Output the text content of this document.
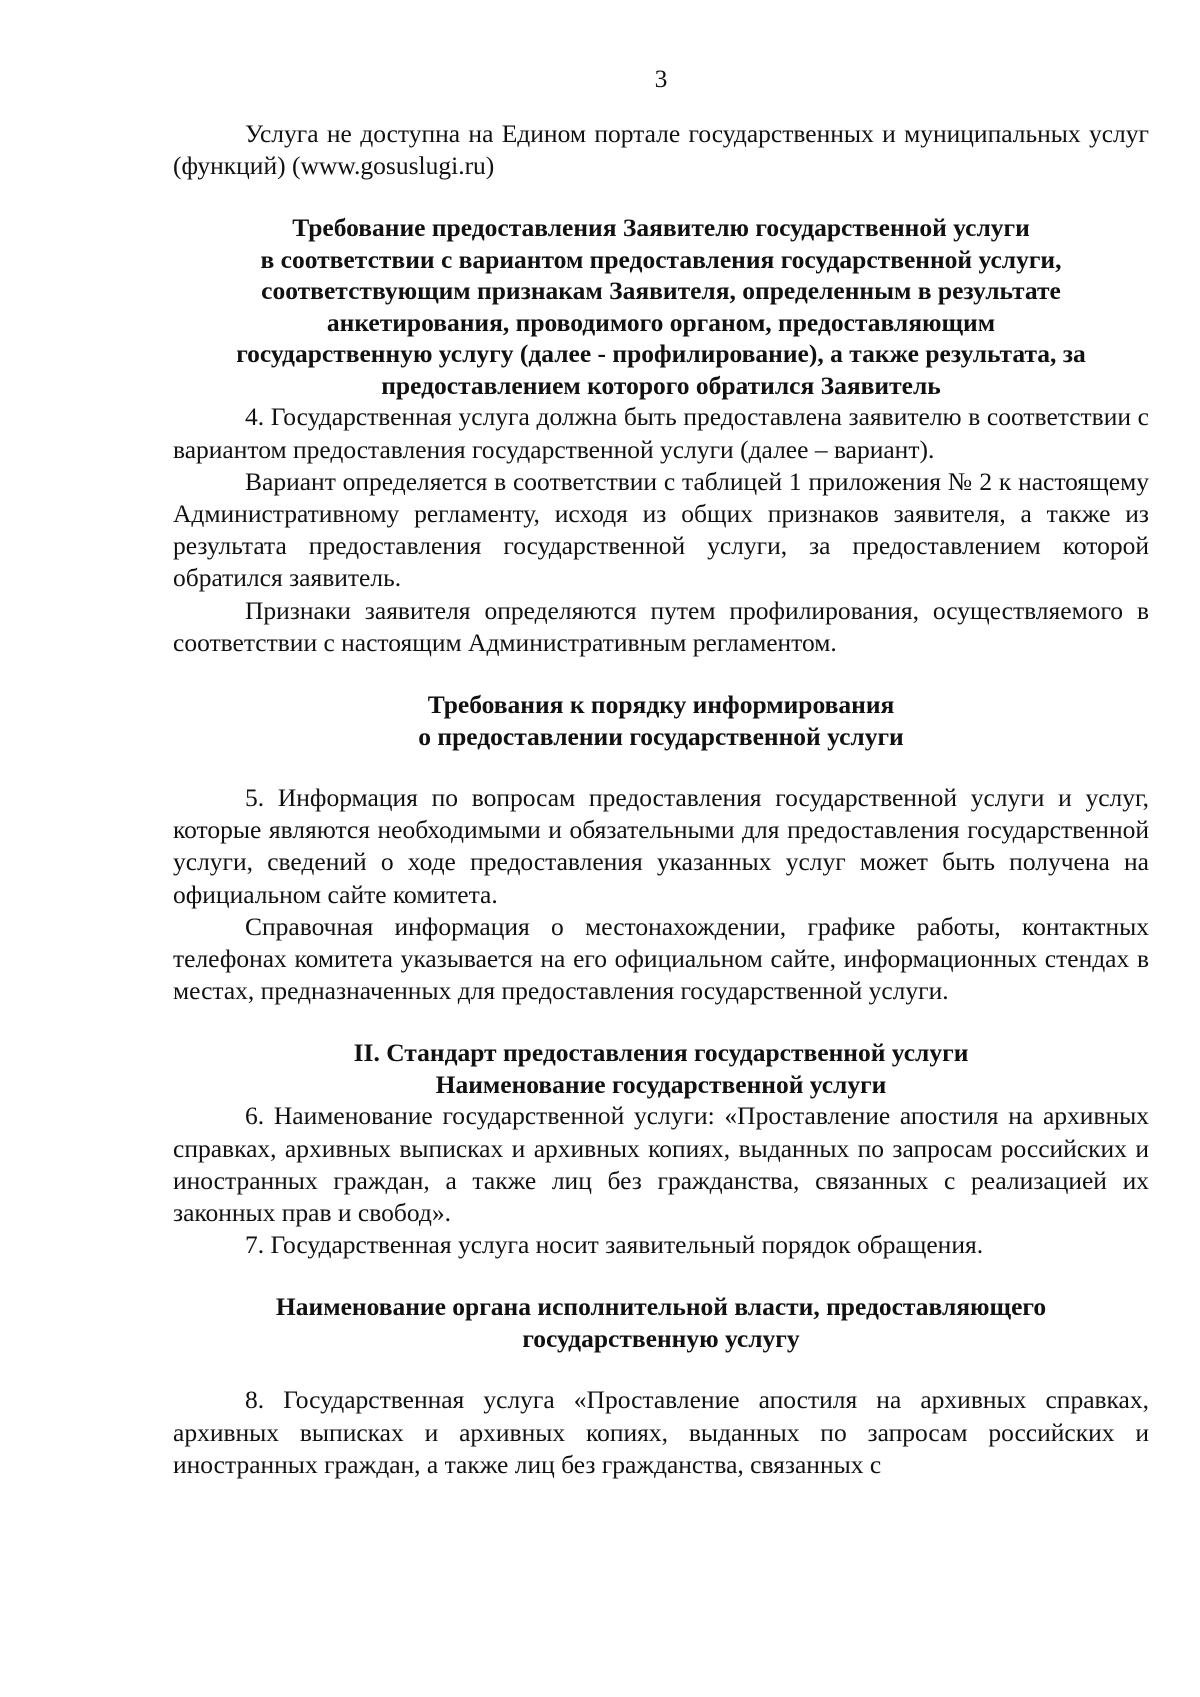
3

Услуга не доступна на Едином портале государственных и муниципальных услуг (функций) (www.gosuslugi.ru)

Требование предоставления Заявителю государственной услуги
в соответствии с вариантом предоставления государственной услуги,
соответствующим признакам Заявителя, определенным в результате
анкетирования, проводимого органом, предоставляющим
государственную услугу (далее - профилирование), а также результата, за
предоставлением которого обратился Заявитель

4. Государственная услуга должна быть предоставлена заявителю в соответствии с вариантом предоставления государственной услуги (далее – вариант).

Вариант определяется в соответствии с таблицей 1 приложения № 2 к настоящему Административному регламенту, исходя из общих признаков заявителя, а также из результата предоставления государственной услуги, за предоставлением которой обратился заявитель.

Признаки заявителя определяются путем профилирования, осуществляемого в соответствии с настоящим Административным регламентом.

Требования к порядку информирования
о предоставлении государственной услуги

5. Информация по вопросам предоставления государственной услуги и услуг, которые являются необходимыми и обязательными для предоставления государственной услуги, сведений о ходе предоставления указанных услуг может быть получена на официальном сайте комитета.

Справочная информация о местонахождении, графике работы, контактных телефонах комитета указывается на его официальном сайте, информационных стендах в местах, предназначенных для предоставления государственной услуги.

II. Стандарт предоставления государственной услуги
Наименование государственной услуги

6. Наименование государственной услуги: «Проставление апостиля на архивных справках, архивных выписках и архивных копиях, выданных по запросам российских и иностранных граждан, а также лиц без гражданства, связанных с реализацией их законных прав и свобод».

7. Государственная услуга носит заявительный порядок обращения.

Наименование органа исполнительной власти, предоставляющего
государственную услугу

8. Государственная услуга «Проставление апостиля на архивных справках, архивных выписках и архивных копиях, выданных по запросам российских и иностранных граждан, а также лиц без гражданства, связанных с
